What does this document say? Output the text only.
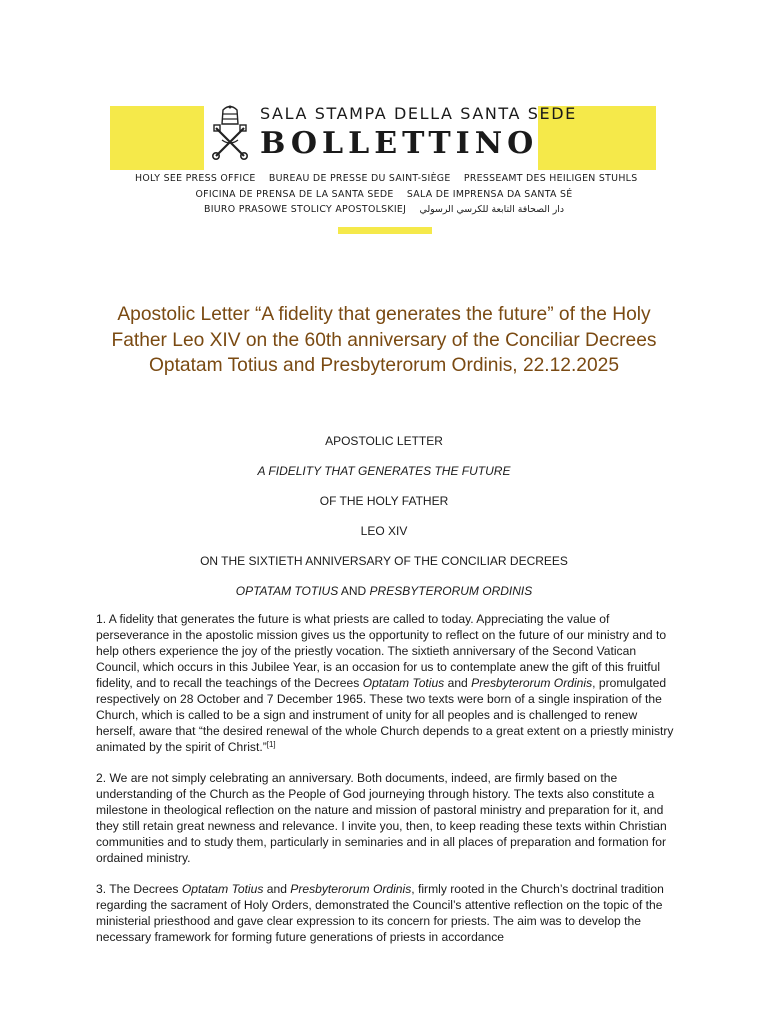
SALA STAMPA DELLA SANTA SEDE
BOLLETTINO
HOLY SEE PRESS OFFICE BUREAU DE PRESSE DU SAINT-SIÈGE PRESSEAMT DES HEILIGEN STUHLS
OFICINA DE PRENSA DE LA SANTA SEDE SALA DE IMPRENSA DA SANTA SÉ
BIURO PRASOWE STOLICY APOSTOLSKIEJ دار الصحافة التابعة للكرسي الرسولي
Apostolic Letter “A fidelity that generates the future” of the Holy Father Leo XIV on the 60th anniversary of the Conciliar Decrees Optatam Totius and Presbyterorum Ordinis, 22.12.2025
APOSTOLIC LETTER
A FIDELITY THAT GENERATES THE FUTURE
OF THE HOLY FATHER
LEO XIV
ON THE SIXTIETH ANNIVERSARY OF THE CONCILIAR DECREES
OPTATAM TOTIUS AND PRESBYTERORUM ORDINIS

1. A fidelity that generates the future is what priests are called to today. Appreciating the value of perseverance in the apostolic mission gives us the opportunity to reflect on the future of our ministry and to help others experience the joy of the priestly vocation. The sixtieth anniversary of the Second Vatican Council, which occurs in this Jubilee Year, is an occasion for us to contemplate anew the gift of this fruitful fidelity, and to recall the teachings of the Decrees Optatam Totius and Presbyterorum Ordinis, promulgated respectively on 28 October and 7 December 1965. These two texts were born of a single inspiration of the Church, which is called to be a sign and instrument of unity for all peoples and is challenged to renew herself, aware that “the desired renewal of the whole Church depends to a great extent on a priestly ministry animated by the spirit of Christ.”[1]

2. We are not simply celebrating an anniversary. Both documents, indeed, are firmly based on the understanding of the Church as the People of God journeying through history. The texts also constitute a milestone in theological reflection on the nature and mission of pastoral ministry and preparation for it, and they still retain great newness and relevance. I invite you, then, to keep reading these texts within Christian communities and to study them, particularly in seminaries and in all places of preparation and formation for ordained ministry.

3. The Decrees Optatam Totius and Presbyterorum Ordinis, firmly rooted in the Church’s doctrinal tradition regarding the sacrament of Holy Orders, demonstrated the Council’s attentive reflection on the topic of the ministerial priesthood and gave clear expression to its concern for priests. The aim was to develop the necessary framework for forming future generations of priests in accordance
